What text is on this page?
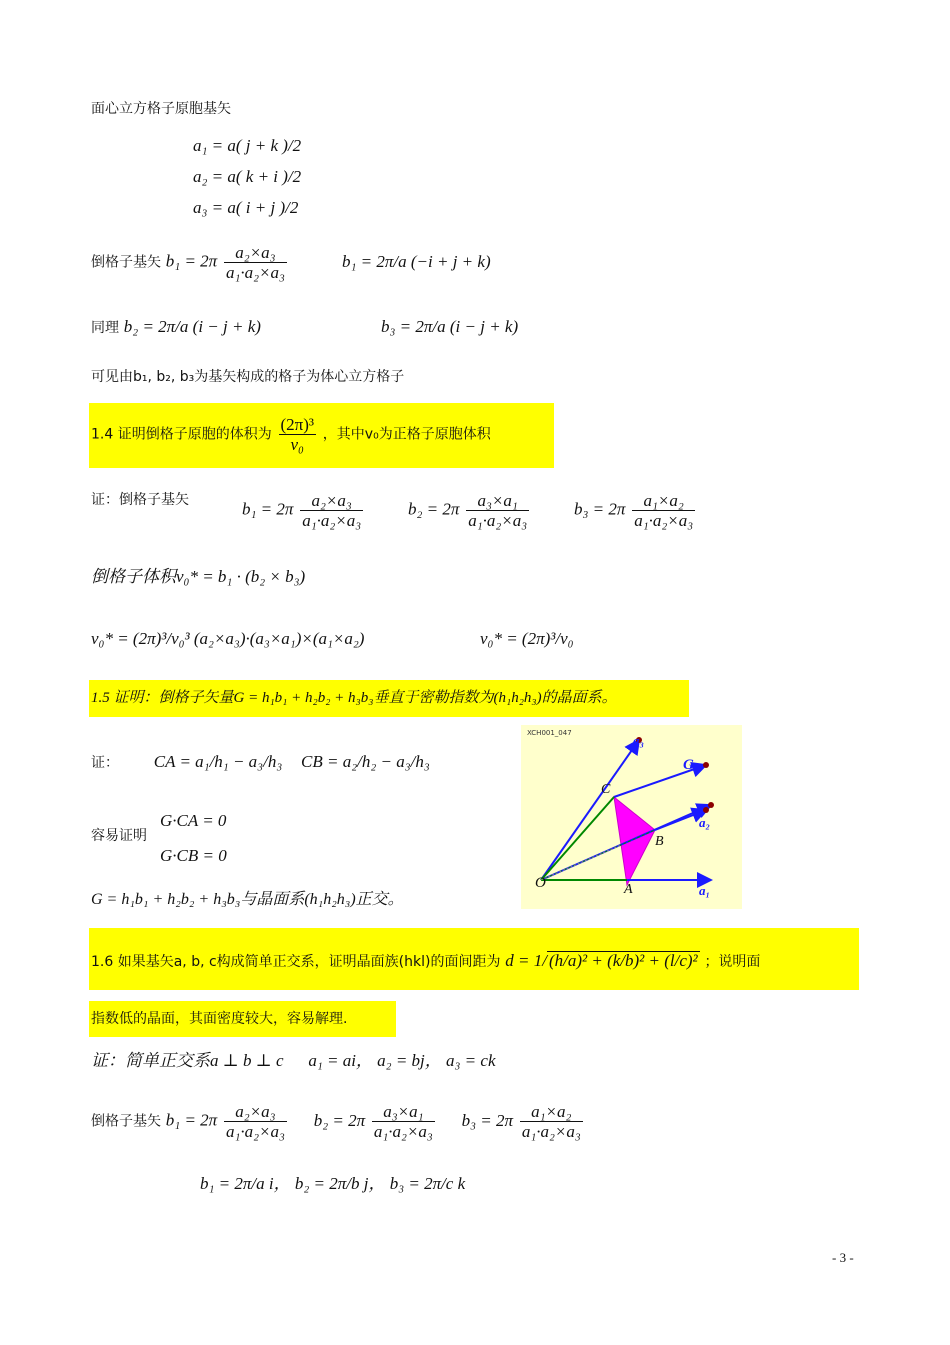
面心立方格子原胞基矢
a₁ = a( j + k )/2
a₂ = a( k + i )/2
a₃ = a( i + j )/2
倒格子基矢 $b_1 = 2\pi \frac{\text{a₂×a₃}}{\text{a₁·a₂×a₃}}$	b₁ = 2π/a (−i + j + k)
同理 b₂ = 2π/a (i − j + k)	b₃ = 2π/a (i − j + k)
可见由b₁, b₂, b₃为基矢构成的格子为体心立方格子
1.4 证明倒格子原胞的体积为 $\frac{\text{(2π)³}}{\text{v₀}}$ ，其中v₀为正格子原胞体积
证：倒格子基矢	$b_1 = 2\pi \frac{\text{a₂×a₃}}{\text{a₁·a₂×a₃}}$	$b_2 = 2\pi \frac{\text{a₃×a₁}}{\text{a₁·a₂×a₃}}$	$b_3 = 2\pi \frac{\text{a₁×a₂}}{\text{a₁·a₂×a₃}}$
倒格子体积v₀* = b₁ · (b₂ × b₃)
v₀* = (2π)³/v₀³ (a₂×a₃)·(a₃×a₁)×(a₁×a₂)	v₀* = (2π)³/v₀
1.5 证明：倒格子矢量G = h₁b₁ + h₂b₂ + h₃b₃垂直于密勒指数为(h₁h₂h₃)的晶面系。
证： CA = a₁/h₁ − a₃/h₃ CB = a₂/h₂ − a₃/h₃
容易证明
G·CA = 0
G·CB = 0
G = h₁b₁ + h₂b₂ + h₃b₃与晶面系(h₁h₂h₃)正交。
XCH001_047	a₃
G
a₂
a₁
O	A
B
C
1.6 如果基矢a, b, c构成简单正交系，证明晶面族(hkl)的面间距为 d = 1/ (h/a)² + (k/b)² + (l/c)² ；说明面
指数低的晶面，其面密度较大，容易解理.
证：简单正交系a ⊥ b ⊥ c a₁ = ai， a₂ = bj， a₃ = ck
倒格子基矢 $b_1 = 2\pi \frac{\text{a₂×a₃}}{\text{a₁·a₂×a₃}} b_2 = 2\pi \frac{\text{a₃×a₁}}{\text{a₁·a₂×a₃}} b_3 = 2\pi \frac{\text{a₁×a₂}}{\text{a₁·a₂×a₃}}$
b₁ = 2π/a i， b₂ = 2π/b j， b₃ = 2π/c k
- 3 -
